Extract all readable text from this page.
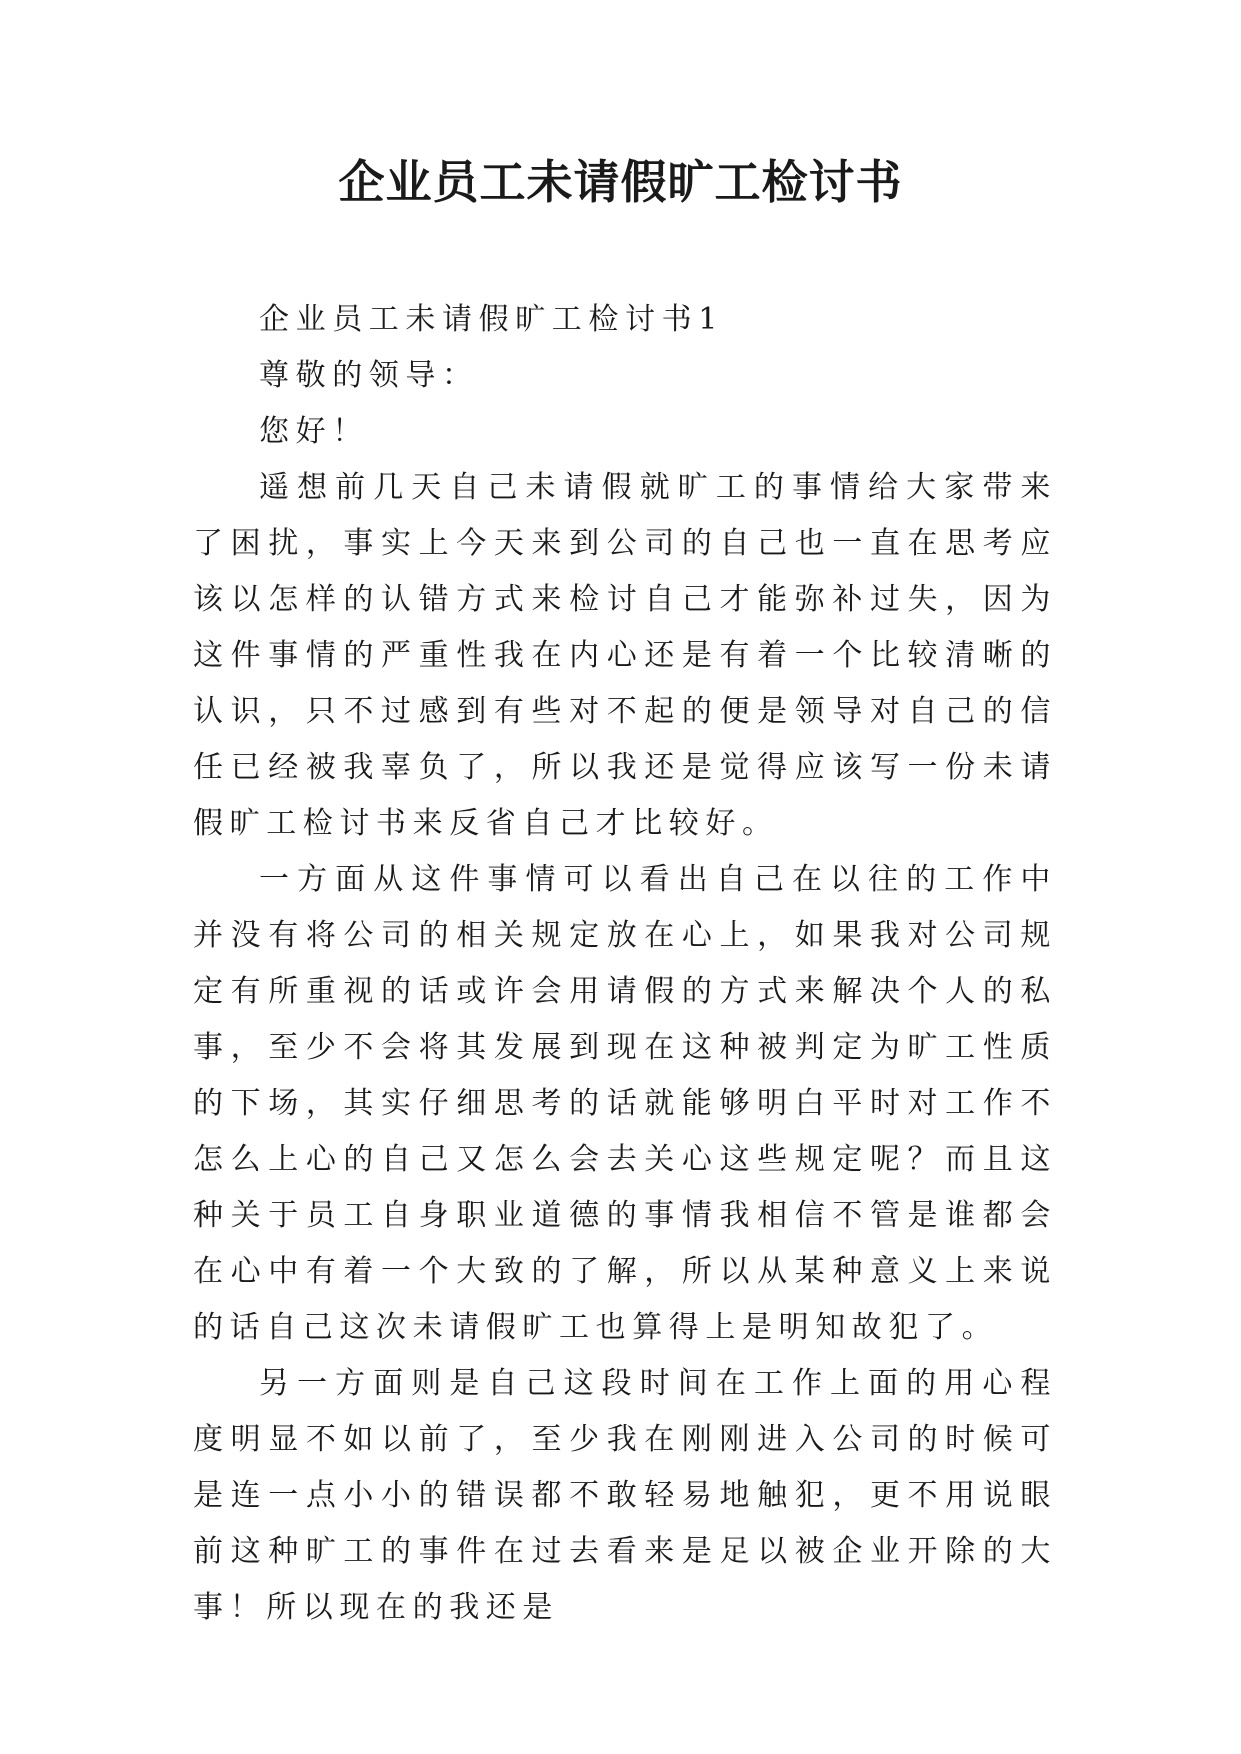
企业员工未请假旷工检讨书

企业员工未请假旷工检讨书1

尊敬的领导：

您好！

遥想前几天自己未请假就旷工的事情给大家带来了困扰，事实上今天来到公司的自己也一直在思考应该以怎样的认错方式来检讨自己才能弥补过失，因为这件事情的严重性我在内心还是有着一个比较清晰的认识，只不过感到有些对不起的便是领导对自己的信任已经被我辜负了，所以我还是觉得应该写一份未请假旷工检讨书来反省自己才比较好。

一方面从这件事情可以看出自己在以往的工作中并没有将公司的相关规定放在心上，如果我对公司规定有所重视的话或许会用请假的方式来解决个人的私事，至少不会将其发展到现在这种被判定为旷工性质的下场，其实仔细思考的话就能够明白平时对工作不怎么上心的自己又怎么会去关心这些规定呢？而且这种关于员工自身职业道德的事情我相信不管是谁都会在心中有着一个大致的了解，所以从某种意义上来说的话自己这次未请假旷工也算得上是明知故犯了。

另一方面则是自己这段时间在工作上面的用心程度明显不如以前了，至少我在刚刚进入公司的时候可是连一点小小的错误都不敢轻易地触犯，更不用说眼前这种旷工的事件在过去看来是足以被企业开除的大事！所以现在的我还是
